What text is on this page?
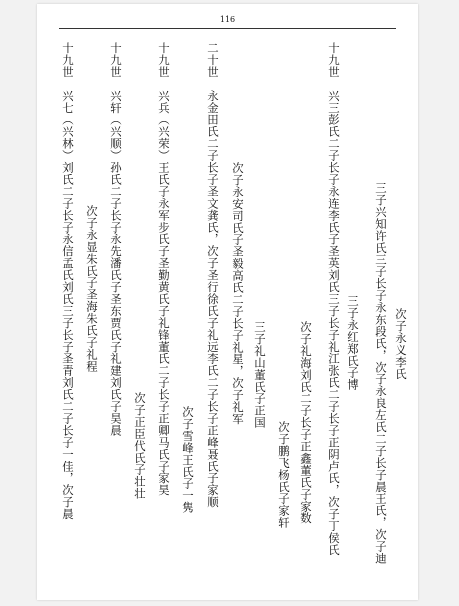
116
次子永义李氏
三子兴知许氏三子长子永东段氏，次子永良左氏二子长子晨王氏，次子迪
三子永红郑氏子博
十九世　兴三彭氏二子长子永连李氏子圣英刘氏三子长子礼江张氏二子长子正阴卢氏，次子丁侯氏
次子礼海刘氏二子长子正鑫董氏子家数
次子鹏飞杨氏子家轩
三子礼山董氏子正国
次子永安司氏子圣毅高氏二子长子礼星，次子礼军
二十世　永金田氏二子长子圣文龚氏，次子圣行徐氏子礼远李氏二子长子正峰聂氏子家顺
次子雪峰王氏子一隽
十九世　兴兵（兴荣）王氏子永军步氏子圣勤黄氏子礼锋董氏二子长子正卿马氏子家昊
次子正臣代氏子壮壮
十九世　兴轩（兴顺）孙氏二子长子永先潘氏子圣东贾氏子礼建刘氏子昊晨
次子永显朱氏子圣海朱氏子礼程
十九世　兴七（兴林）刘氏二子长子永信孟氏刘氏三子长子圣青刘氏二子长子一佳，次子晨
